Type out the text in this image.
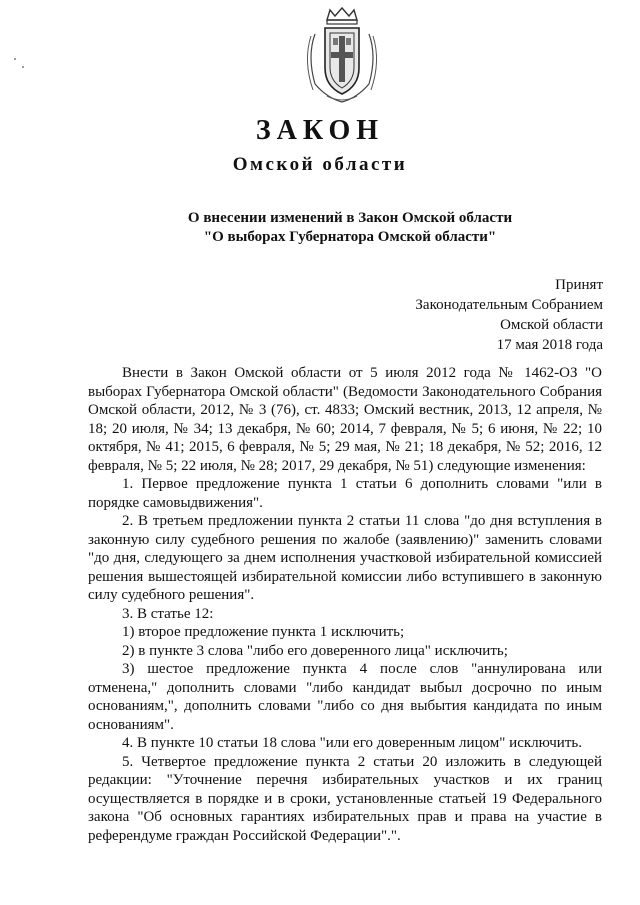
ЗАКОН
Омской области
О внесении изменений в Закон Омской области
"О выборах Губернатора Омской области"
Принят
Законодательным Собранием
Омской области
17 мая 2018 года

Внести в Закон Омской области от 5 июля 2012 года № 1462-ОЗ "О выборах Губернатора Омской области" (Ведомости Законодательного Собрания Омской области, 2012, № 3 (76), ст. 4833; Омский вестник, 2013, 12 апреля, № 18; 20 июля, № 34; 13 декабря, № 60; 2014, 7 февраля, № 5; 6 июня, № 22; 10 октября, № 41; 2015, 6 февраля, № 5; 29 мая, № 21; 18 декабря, № 52; 2016, 12 февраля, № 5; 22 июля, № 28; 2017, 29 декабря, № 51) следующие изменения:

1. Первое предложение пункта 1 статьи 6 дополнить словами "или в порядке самовыдвижения".

2. В третьем предложении пункта 2 статьи 11 слова "до дня вступления в законную силу судебного решения по жалобе (заявлению)" заменить словами "до дня, следующего за днем исполнения участковой избирательной комиссией решения вышестоящей избирательной комиссии либо вступившего в законную силу судебного решения".

3. В статье 12:

1) второе предложение пункта 1 исключить;

2) в пункте 3 слова "либо его доверенного лица" исключить;

3) шестое предложение пункта 4 после слов "аннулирована или отменена," дополнить словами "либо кандидат выбыл досрочно по иным основаниям,", дополнить словами "либо со дня выбытия кандидата по иным основаниям".

4. В пункте 10 статьи 18 слова "или его доверенным лицом" исключить.

5. Четвертое предложение пункта 2 статьи 20 изложить в следующей редакции: "Уточнение перечня избирательных участков и их границ осуществляется в порядке и в сроки, установленные статьей 19 Федерального закона "Об основных гарантиях избирательных прав и права на участие в референдуме граждан Российской Федерации".".
